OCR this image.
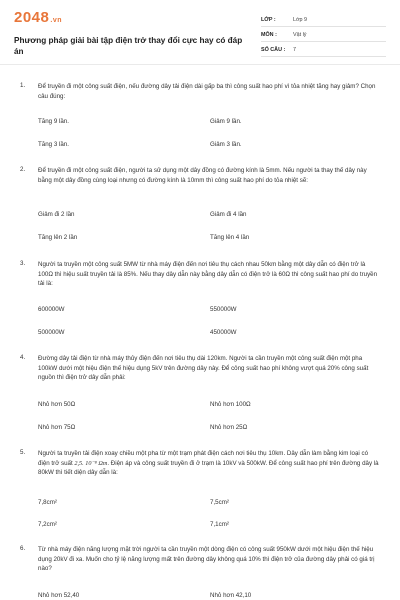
2048.vn
Phương pháp giải bài tập điện trở thay đổi cực hay có đáp án
LỚP :	Lớp 9
MÔN :	Vật lý
SỐ CÂU :	7
1. Để truyền đi một công suất điện, nếu đường dây tải điện dài gấp ba thì công suất hao phí vì tỏa nhiệt tăng hay giảm? Chọn câu đúng:
Tăng 9 lần.	Giảm 9 lần.
Tăng 3 lần.	Giảm 3 lần.
2. Để truyền đi một công suất điện, người ta sử dụng một dây đồng có đường kính là 5mm. Nếu người ta thay thế dây này bằng một dây đồng cùng loại nhưng có đường kính là 10mm thì công suất hao phí do tỏa nhiệt sẽ:
Giảm đi 2 lần	Giảm đi 4 lần
Tăng lên 2 lần	Tăng lên 4 lần
3. Người ta truyền một công suất 5MW từ nhà máy điện đến nơi tiêu thụ cách nhau 50km bằng một dây dẫn có điện trở là 100Ω thì hiệu suất truyền tải là 85%. Nếu thay dây dẫn này bằng dây dẫn có điện trở là 60Ω thì công suất hao phí do truyền tải là:
600000W	550000W
500000W	450000W
4. Đường dây tải điện từ nhà máy thủy điện đến nơi tiêu thụ dài 120km. Người ta cần truyền một công suất điện một pha 100kW dưới một hiệu điện thế hiệu dụng 5kV trên đường dây này. Để công suất hao phí không vượt quá 20% công suất nguồn thì điện trở dây dẫn phải:
Nhỏ hơn 50Ω	Nhỏ hơn 100Ω
Nhỏ hơn 75Ω	Nhỏ hơn 25Ω
5. Người ta truyền tải điện xoay chiều một pha từ một trạm phát điện cách nơi tiêu thụ 10km. Dây dẫn làm bằng kim loại có điện trở suất 2,5. 10⁻⁸ Ωm. Điện áp và công suất truyền đi ở trạm là 10kV và 500kW. Để công suất hao phí trên đường dây là 80kW thì tiết diện dây dẫn là:
7,8cm²	7,5cm²
7,2cm²	7,1cm²
6. Từ nhà máy điện năng lượng mặt trời người ta cần truyền một dòng điện có công suất 950kW dưới một hiệu điện thế hiệu dụng 20kV đi xa. Muốn cho tỷ lệ năng lượng mất trên đường dây không quá 10% thì điện trở của đường dây phải có giá trị nào?
Nhỏ hơn 52,40	Nhỏ hơn 42,10
